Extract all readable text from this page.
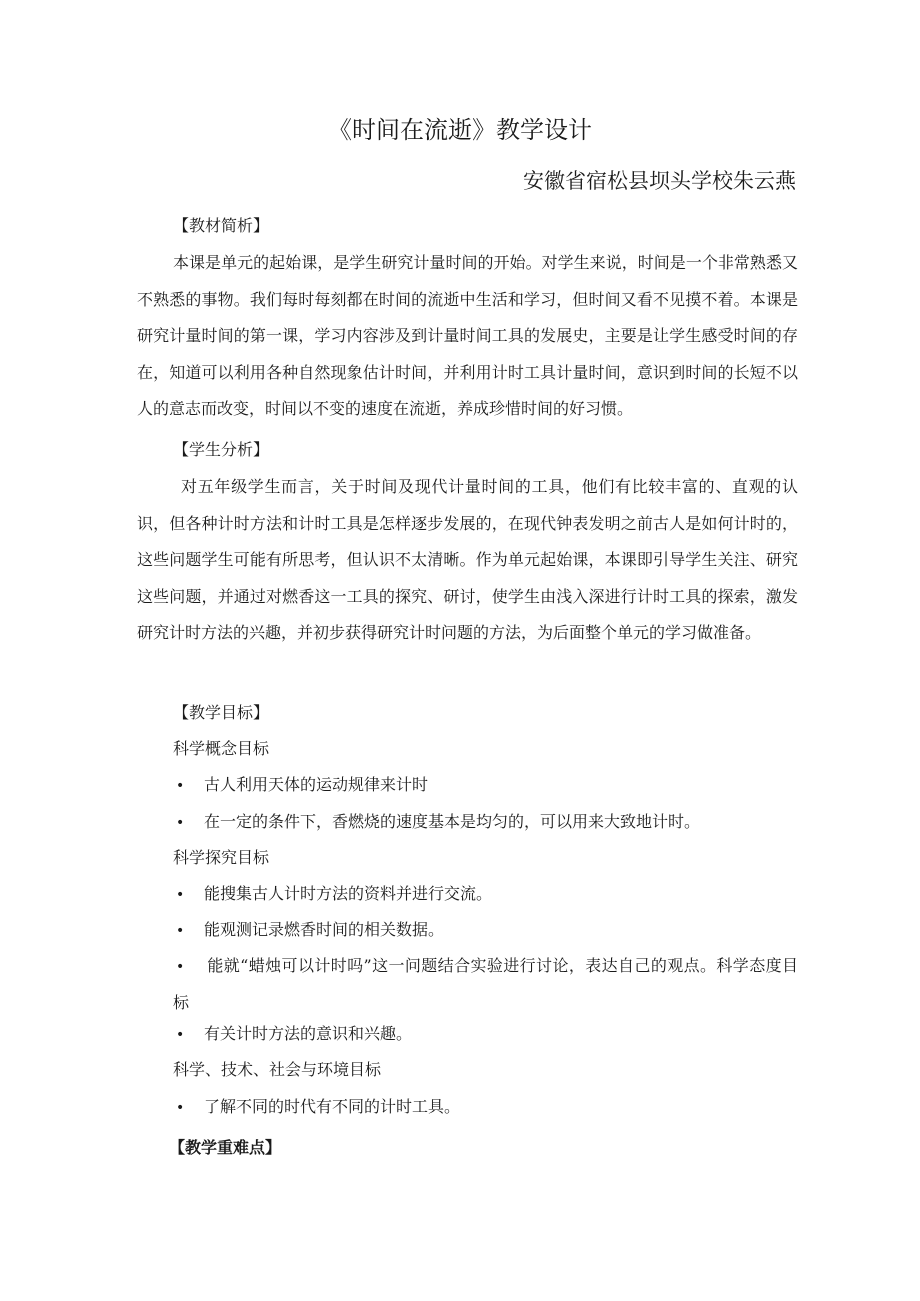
《时间在流逝》教学设计
安徽省宿松县坝头学校朱云燕
【教材简析】

本课是单元的起始课，是学生研究计量时间的开始。对学生来说，时间是一个非常熟悉又不熟悉的事物。我们每时每刻都在时间的流逝中生活和学习，但时间又看不见摸不着。本课是研究计量时间的第一课，学习内容涉及到计量时间工具的发展史，主要是让学生感受时间的存在，知道可以利用各种自然现象估计时间，并利用计时工具计量时间，意识到时间的长短不以人的意志而改变，时间以不变的速度在流逝，养成珍惜时间的好习惯。

【学生分析】

对五年级学生而言，关于时间及现代计量时间的工具，他们有比较丰富的、直观的认识，但各种计时方法和计时工具是怎样逐步发展的，在现代钟表发明之前古人是如何计时的，这些问题学生可能有所思考，但认识不太清晰。作为单元起始课，本课即引导学生关注、研究这些问题，并通过对燃香这一工具的探究、研讨，使学生由浅入深进行计时工具的探索，激发研究计时方法的兴趣，并初步获得研究计时问题的方法，为后面整个单元的学习做准备。

【教学目标】
科学概念目标
• 古人利用天体的运动规律来计时
• 在一定的条件下，香燃烧的速度基本是均匀的，可以用来大致地计时。
科学探究目标
• 能搜集古人计时方法的资料并进行交流。
• 能观测记录燃香时间的相关数据。

• 能就“蜡烛可以计时吗”这一问题结合实验进行讨论，表达自己的观点。科学态度目标

• 有关计时方法的意识和兴趣。
科学、技术、社会与环境目标
• 了解不同的时代有不同的计时工具。
【教学重难点】
